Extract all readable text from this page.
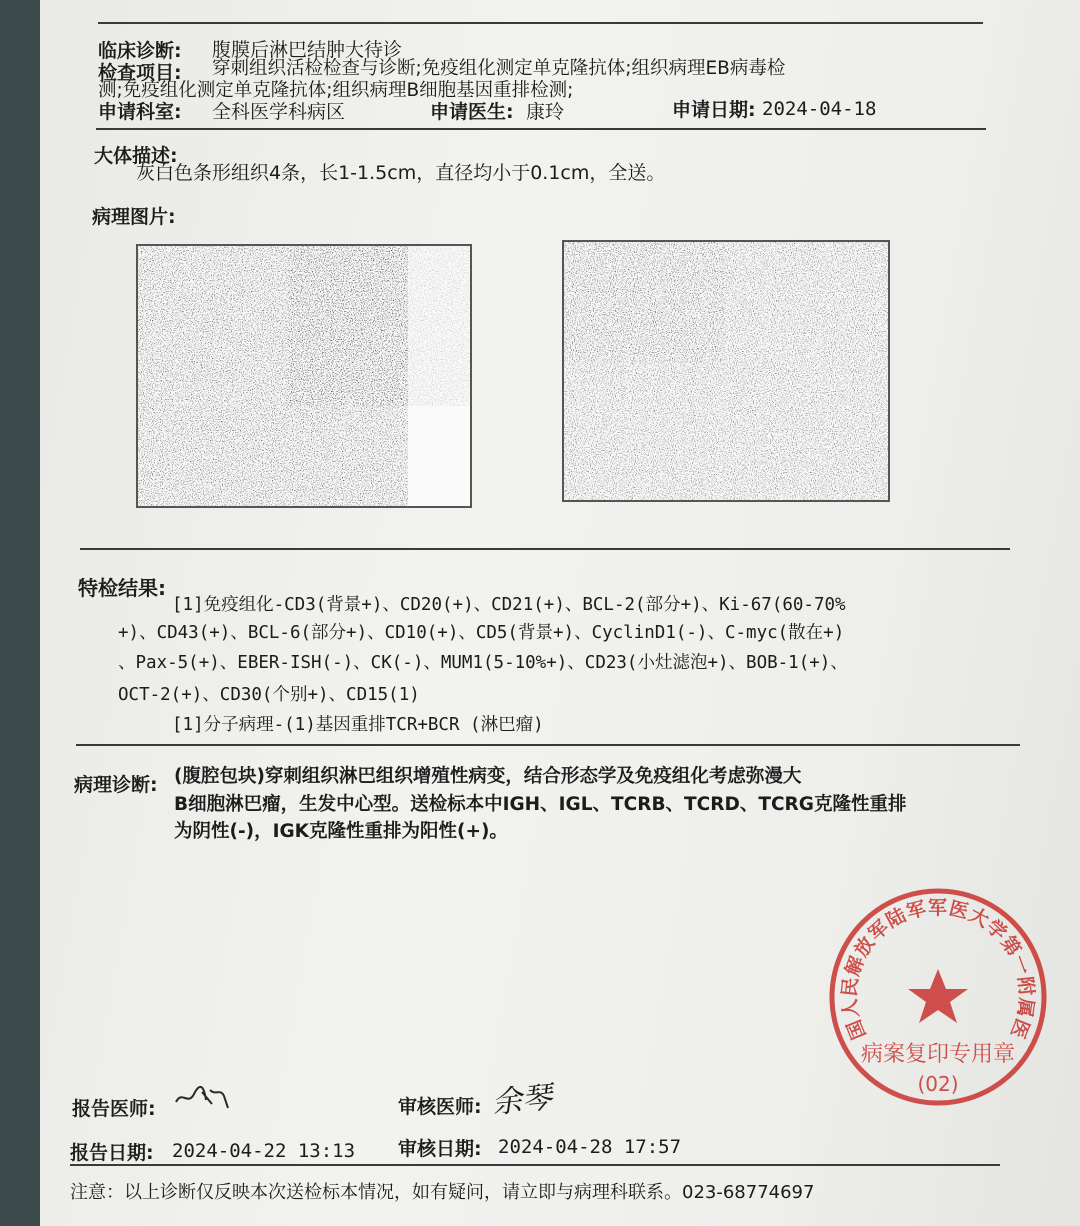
临床诊断: 腹膜后淋巴结肿大待诊
检查项目: 穿刺组织活检检查与诊断;免疫组化测定单克隆抗体;组织病理EB病毒检
测;免疫组化测定单克隆抗体;组织病理B细胞基因重排检测;
申请科室: 全科医学科病区	申请医生: 康玲	申请日期: 2024-04-18
大体描述:
灰白色条形组织4条，长1-1.5cm，直径均小于0.1cm，全送。
病理图片:
特检结果:
[1]免疫组化-CD3(背景+)、CD20(+)、CD21(+)、BCL-2(部分+)、Ki-67(60-70%
+)、CD43(+)、BCL-6(部分+)、CD10(+)、CD5(背景+)、CyclinD1(-)、C-myc(散在+)
、Pax-5(+)、EBER-ISH(-)、CK(-)、MUM1(5-10%+)、CD23(小灶滤泡+)、BOB-1(+)、
OCT-2(+)、CD30(个别+)、CD15(1)
[1]分子病理-(1)基因重排TCR+BCR (淋巴瘤)
病理诊断: (腹腔包块)穿刺组织淋巴组织增殖性病变，结合形态学及免疫组化考虑弥漫大
B细胞淋巴瘤，生发中心型。送检标本中IGH、IGL、TCRB、TCRD、TCRG克隆性重排
为阴性(-)，IGK克隆性重排为阳性(+)。
国人民解放军陆军军医大学第一附属医
病案复印专用章
(02)
报告医师:	审核医师: 余琴
报告日期: 2024-04-22 13:13 审核日期: 2024-04-28 17:57
注意：以上诊断仅反映本次送检标本情况，如有疑问，请立即与病理科联系。023-68774697
